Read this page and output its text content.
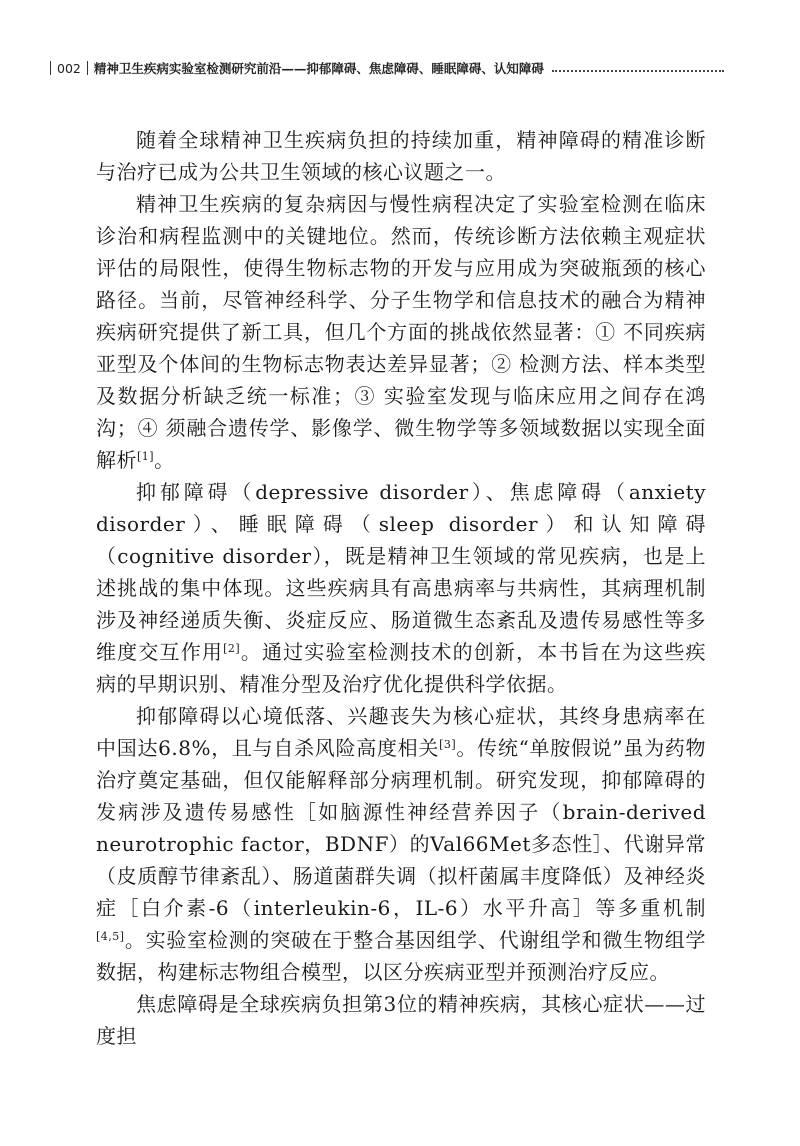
002 精神卫生疾病实验室检测研究前沿——抑郁障碍、焦虑障碍、睡眠障碍、认知障碍

随着全球精神卫生疾病负担的持续加重，精神障碍的精准诊断与治疗已成为公共卫生领域的核心议题之一。

精神卫生疾病的复杂病因与慢性病程决定了实验室检测在临床诊治和病程监测中的关键地位。然而，传统诊断方法依赖主观症状评估的局限性，使得生物标志物的开发与应用成为突破瓶颈的核心路径。当前，尽管神经科学、分子生物学和信息技术的融合为精神疾病研究提供了新工具，但几个方面的挑战依然显著：① 不同疾病亚型及个体间的生物标志物表达差异显著；② 检测方法、样本类型及数据分析缺乏统一标准；③ 实验室发现与临床应用之间存在鸿沟；④ 须融合遗传学、影像学、微生物学等多领域数据以实现全面解析[1]。

抑郁障碍（depressive disorder）、焦虑障碍（anxiety disorder）、睡眠障碍（sleep disorder）和认知障碍（cognitive disorder），既是精神卫生领域的常见疾病，也是上述挑战的集中体现。这些疾病具有高患病率与共病性，其病理机制涉及神经递质失衡、炎症反应、肠道微生态紊乱及遗传易感性等多维度交互作用[2]。通过实验室检测技术的创新，本书旨在为这些疾病的早期识别、精准分型及治疗优化提供科学依据。

抑郁障碍以心境低落、兴趣丧失为核心症状，其终身患病率在中国达6.8%，且与自杀风险高度相关[3]。传统“单胺假说”虽为药物治疗奠定基础，但仅能解释部分病理机制。研究发现，抑郁障碍的发病涉及遗传易感性［如脑源性神经营养因子（brain-derived neurotrophic factor，BDNF）的Val66Met多态性］、代谢异常（皮质醇节律紊乱）、肠道菌群失调（拟杆菌属丰度降低）及神经炎症［白介素-6（interleukin-6，IL-6）水平升高］等多重机制[4,5]。实验室检测的突破在于整合基因组学、代谢组学和微生物组学数据，构建标志物组合模型，以区分疾病亚型并预测治疗反应。

焦虑障碍是全球疾病负担第3位的精神疾病，其核心症状——过度担
